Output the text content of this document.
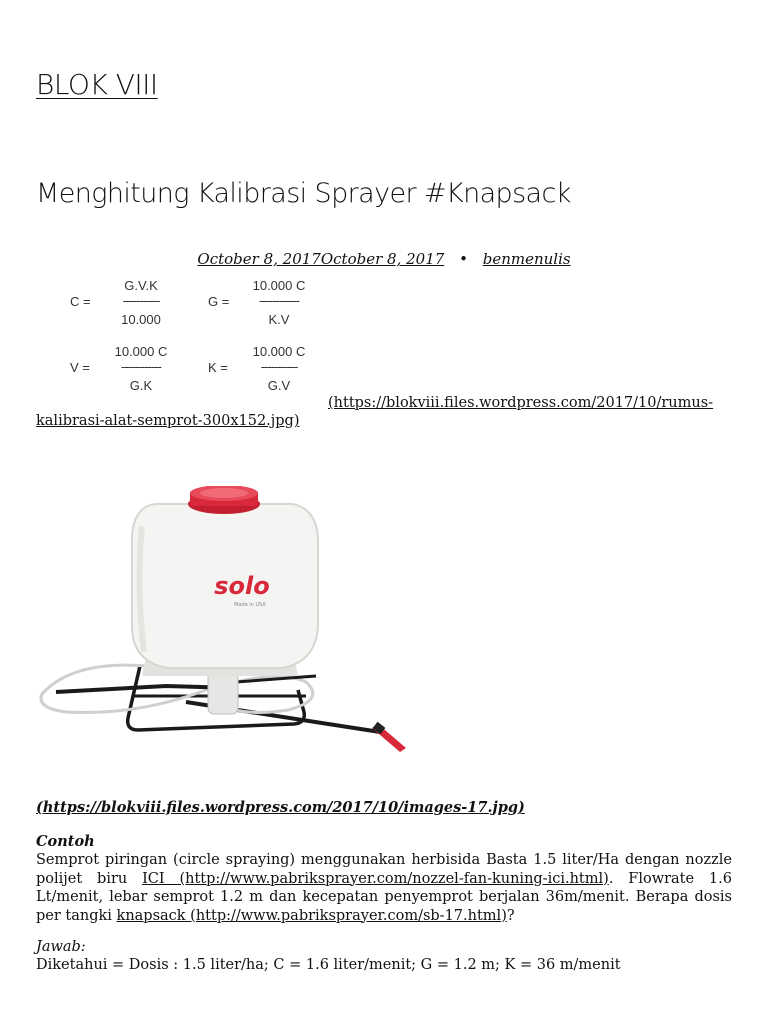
BLOK VIII
Menghitung Kalibrasi Sprayer #Knapsack
October 8, 2017October 8, 2017 • benmenulis
C =
G.V.K
-----------
10.000
G =
10.000 C
------------
K.V
V =
10.000 C
------------
G.K
K =
10.000 C
-----------
G.V
(https://blokviii.files.wordpress.com/2017/10/rumus-kalibrasi-alat-semprot-300x152.jpg)
solo
Made in USA
(https://blokviii.files.wordpress.com/2017/10/images-17.jpg)
Contoh
Semprot piringan (circle spraying) menggunakan herbisida Basta 1.5 liter/Ha dengan nozzle polijet biru ICI (http://www.pabriksprayer.com/nozzel-fan-kuning-ici.html). Flowrate 1.6 Lt/menit, lebar semprot 1.2 m dan kecepatan penyemprot berjalan 36m/menit. Berapa dosis per tangki knapsack (http://www.pabriksprayer.com/sb-17.html)?
Jawab:
Diketahui = Dosis : 1.5 liter/ha; C = 1.6 liter/menit; G = 1.2 m; K = 36 m/menit
